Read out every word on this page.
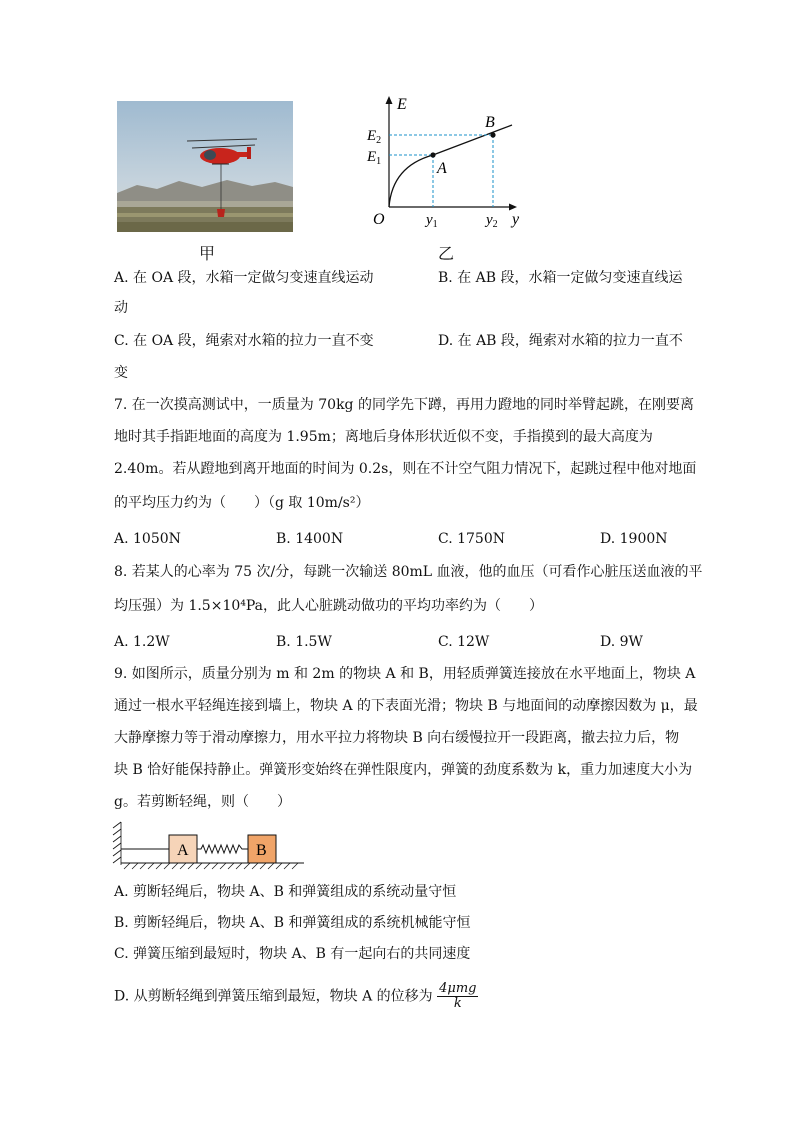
甲
E
y
O
A
B
$E_2$
$E_1$
$y_1$	$y_2$
乙
A. 在 OA 段，水箱一定做匀变速直线运动	B. 在 AB 段，水箱一定做匀变速直线运
动
C. 在 OA 段，绳索对水箱的拉力一直不变	D. 在 AB 段，绳索对水箱的拉力一直不
变
7. 在一次摸高测试中，一质量为 70kg 的同学先下蹲，再用力蹬地的同时举臂起跳，在刚要离
地时其手指距地面的高度为 1.95m；离地后身体形状近似不变，手指摸到的最大高度为
2.40m。若从蹬地到离开地面的时间为 0.2s，则在不计空气阻力情况下，起跳过程中他对地面
的平均压力约为（　　）（g 取 10m/s²）
A. 1050N	B. 1400N	C. 1750N	D. 1900N
8. 若某人的心率为 75 次/分，每跳一次输送 80mL 血液，他的血压（可看作心脏压送血液的平
均压强）为 1.5×10⁴Pa，此人心脏跳动做功的平均功率约为（　　）
A. 1.2W	B. 1.5W	C. 12W	D. 9W
9. 如图所示，质量分别为 m 和 2m 的物块 A 和 B，用轻质弹簧连接放在水平地面上，物块 A
通过一根水平轻绳连接到墙上，物块 A 的下表面光滑；物块 B 与地面间的动摩擦因数为 μ，最
大静摩擦力等于滑动摩擦力，用水平拉力将物块 B 向右缓慢拉开一段距离，撤去拉力后，物
块 B 恰好能保持静止。弹簧形变始终在弹性限度内，弹簧的劲度系数为 k，重力加速度大小为
g。若剪断轻绳，则（　　）
A	B
A. 剪断轻绳后，物块 A、B 和弹簧组成的系统动量守恒
B. 剪断轻绳后，物块 A、B 和弹簧组成的系统机械能守恒
C. 弹簧压缩到最短时，物块 A、B 有一起向右的共同速度
D. 从剪断轻绳到弹簧压缩到最短，物块 A 的位移为 $\frac{\text{4μmg}}{k}$
